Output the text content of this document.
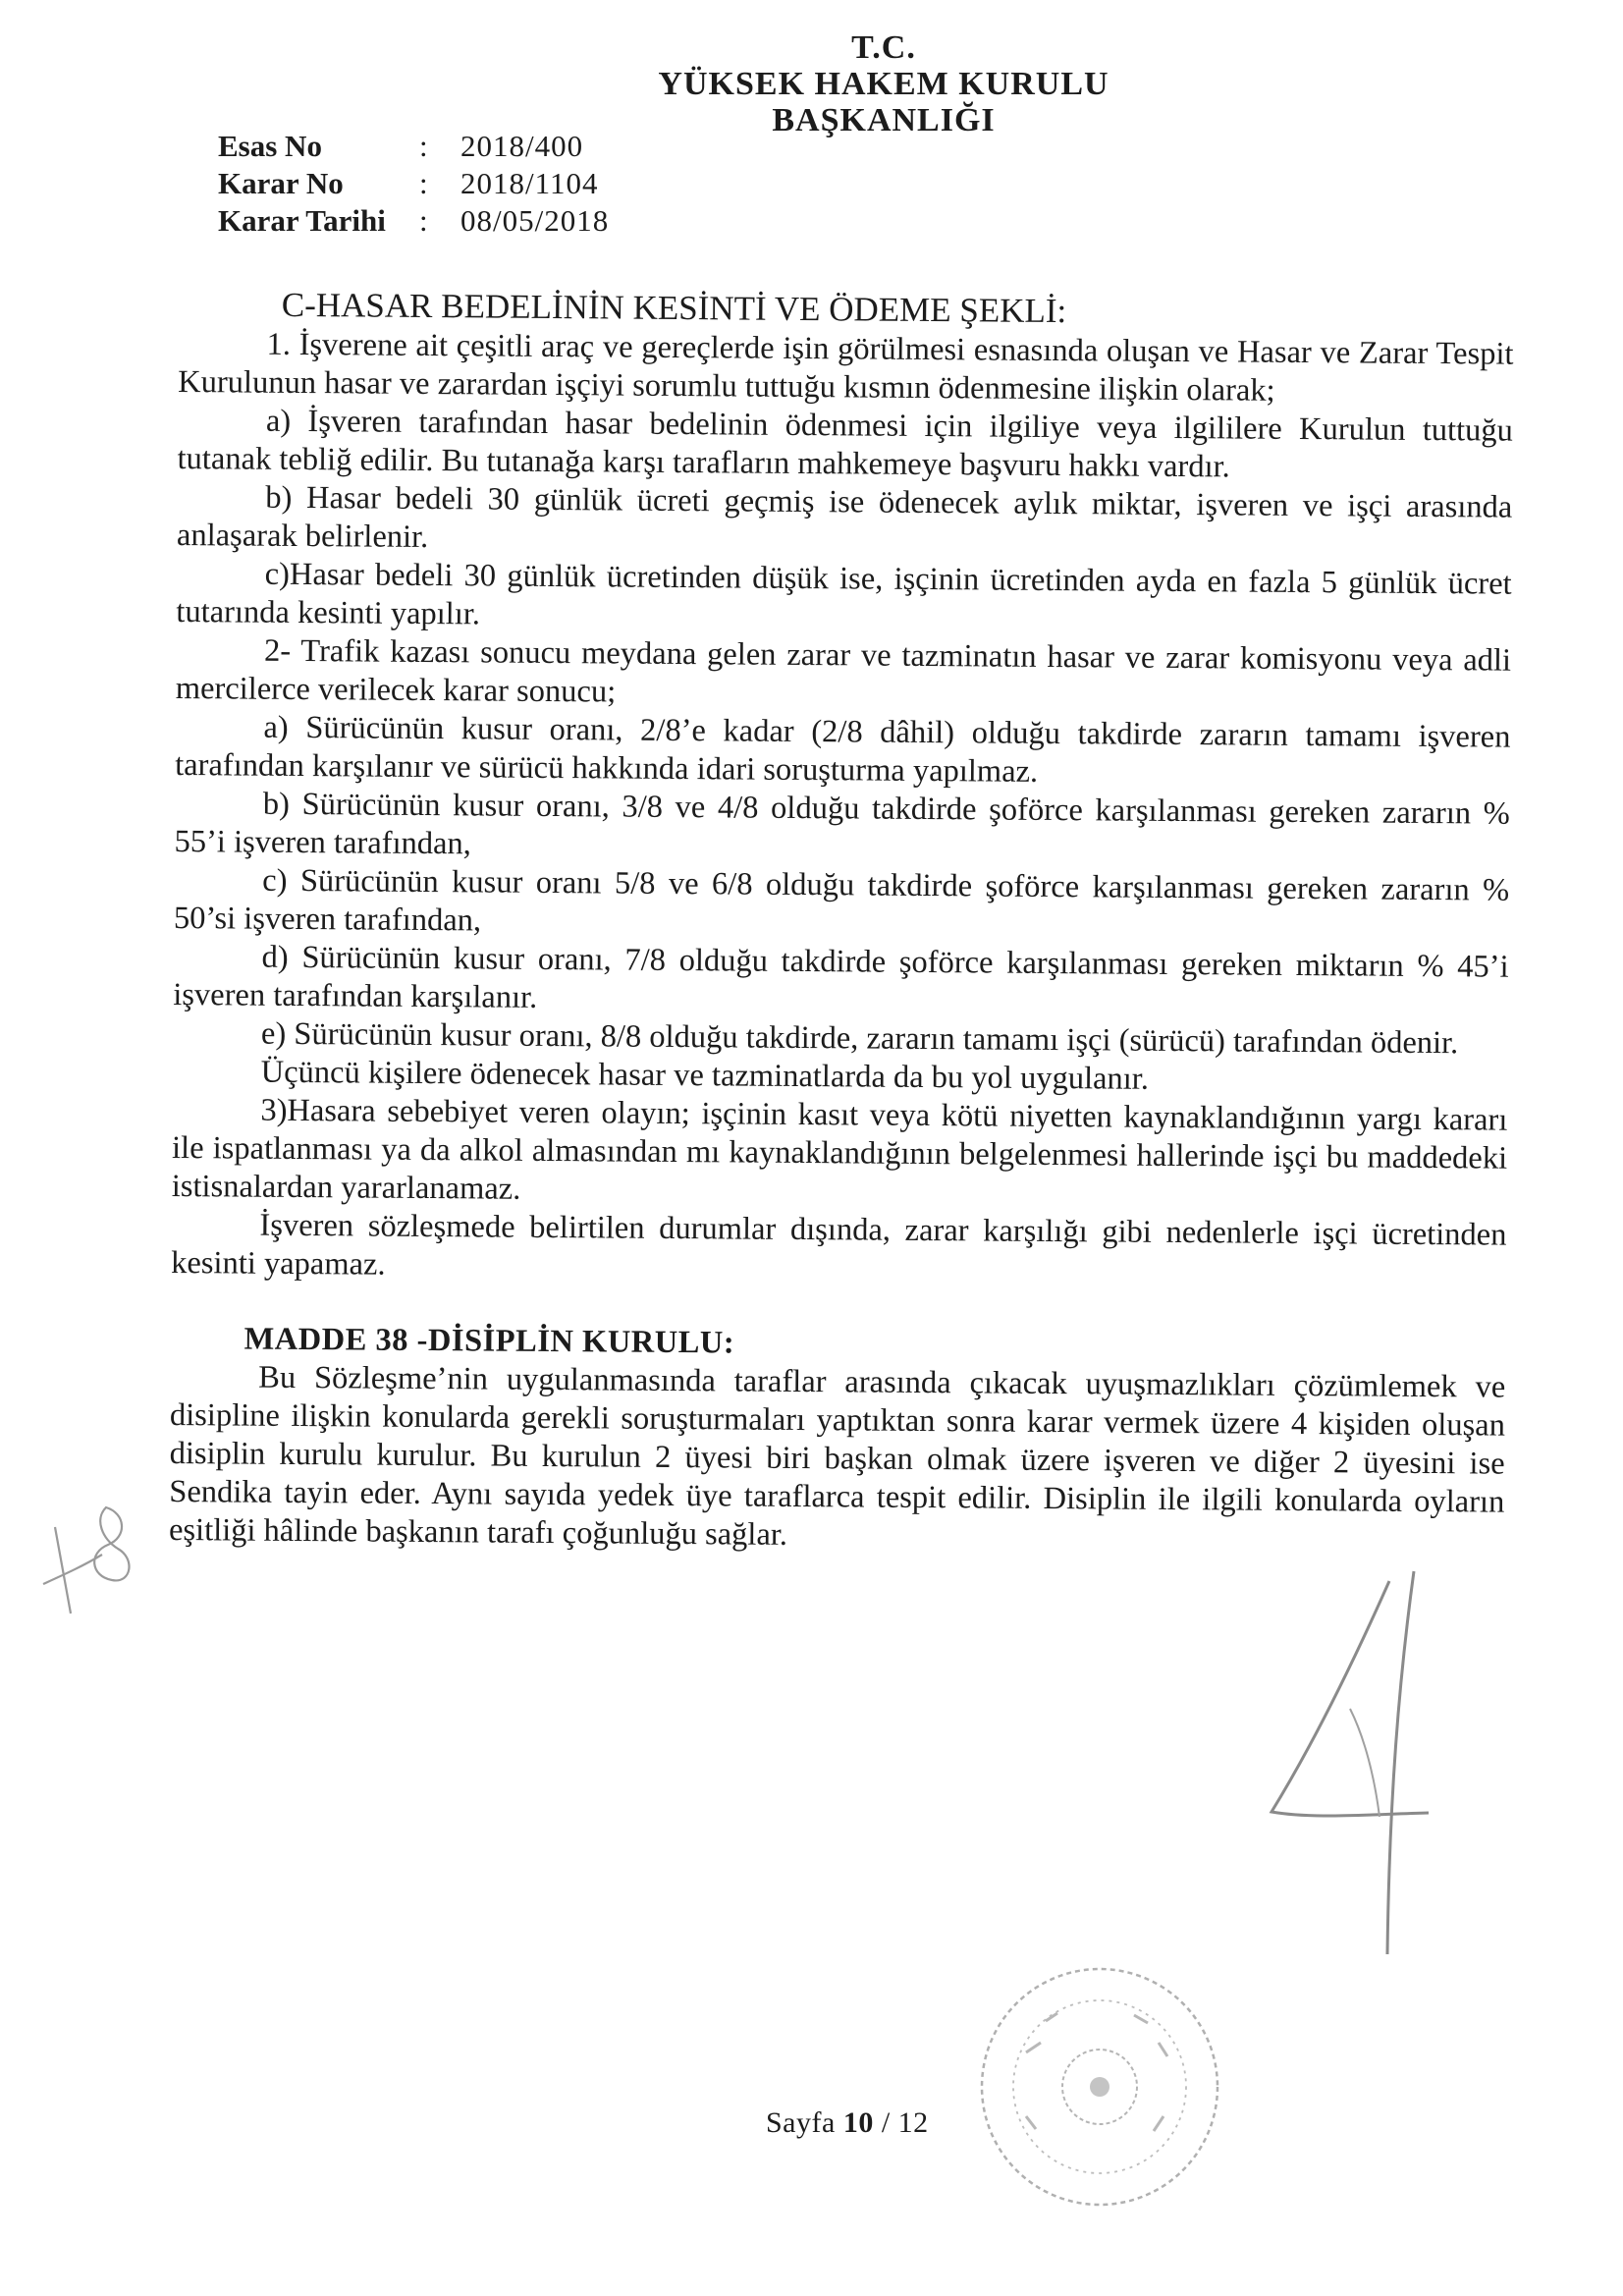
T.C.
YÜKSEK HAKEM KURULU
BAŞKANLIĞI
Esas No	:	2018/400
Karar No	:	2018/1104
Karar Tarihi	:	08/05/2018

C-HASAR BEDELİNİN KESİNTİ VE ÖDEME ŞEKLİ:

1. İşverene ait çeşitli araç ve gereçlerde işin görülmesi esnasında oluşan ve Hasar ve Zarar Tespit Kurulunun hasar ve zarardan işçiyi sorumlu tuttuğu kısmın ödenmesine ilişkin olarak;

a) İşveren tarafından hasar bedelinin ödenmesi için ilgiliye veya ilgililere Kurulun tuttuğu tutanak tebliğ edilir. Bu tutanağa karşı tarafların mahkemeye başvuru hakkı vardır.

b) Hasar bedeli 30 günlük ücreti geçmiş ise ödenecek aylık miktar, işveren ve işçi arasında anlaşarak belirlenir.

c)Hasar bedeli 30 günlük ücretinden düşük ise, işçinin ücretinden ayda en fazla 5 günlük ücret tutarında kesinti yapılır.

2- Trafik kazası sonucu meydana gelen zarar ve tazminatın hasar ve zarar komisyonu veya adli mercilerce verilecek karar sonucu;

a) Sürücünün kusur oranı, 2/8’e kadar (2/8 dâhil) olduğu takdirde zararın tamamı işveren tarafından karşılanır ve sürücü hakkında idari soruşturma yapılmaz.

b) Sürücünün kusur oranı, 3/8 ve 4/8 olduğu takdirde şoförce karşılanması gereken zararın % 55’i işveren tarafından,

c) Sürücünün kusur oranı 5/8 ve 6/8 olduğu takdirde şoförce karşılanması gereken zararın % 50’si işveren tarafından,

d) Sürücünün kusur oranı, 7/8 olduğu takdirde şoförce karşılanması gereken miktarın % 45’i işveren tarafından karşılanır.

e) Sürücünün kusur oranı, 8/8 olduğu takdirde, zararın tamamı işçi (sürücü) tarafından ödenir.

Üçüncü kişilere ödenecek hasar ve tazminatlarda da bu yol uygulanır.

3)Hasara sebebiyet veren olayın; işçinin kasıt veya kötü niyetten kaynaklandığının yargı kararı ile ispatlanması ya da alkol almasından mı kaynaklandığının belgelenmesi hallerinde işçi bu maddedeki istisnalardan yararlanamaz.

İşveren sözleşmede belirtilen durumlar dışında, zarar karşılığı gibi nedenlerle işçi ücretinden kesinti yapamaz.

MADDE 38 -DİSİPLİN KURULU:

Bu Sözleşme’nin uygulanmasında taraflar arasında çıkacak uyuşmazlıkları çözümlemek ve disipline ilişkin konularda gerekli soruşturmaları yaptıktan sonra karar vermek üzere 4 kişiden oluşan disiplin kurulu kurulur. Bu kurulun 2 üyesi biri başkan olmak üzere işveren ve diğer 2 üyesini ise Sendika tayin eder. Aynı sayıda yedek üye taraflarca tespit edilir. Disiplin ile ilgili konularda oyların eşitliği hâlinde başkanın tarafı çoğunluğu sağlar.

Sayfa 10 / 12
